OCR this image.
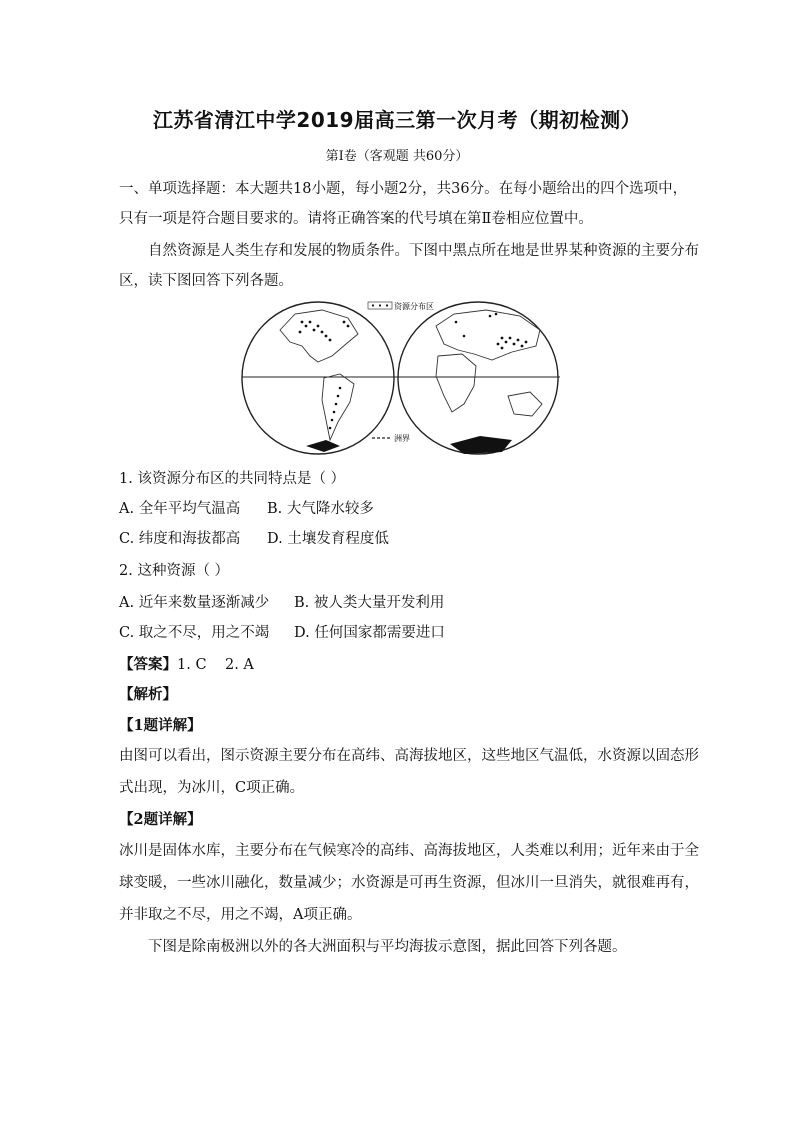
江苏省清江中学2019届高三第一次月考（期初检测）
第I卷（客观题 共60分）
一、单项选择题：本大题共18小题，每小题2分，共36分。在每小题给出的四个选项中，
只有一项是符合题目要求的。请将正确答案的代号填在第Ⅱ卷相应位置中。
自然资源是人类生存和发展的物质条件。下图中黑点所在地是世界某种资源的主要分布
区，读下图回答下列各题。
资源分布区
洲界
1. 该资源分布区的共同特点是（ ）
A. 全年平均气温高 B. 大气降水较多
C. 纬度和海拔都高 D. 土壤发育程度低
2. 这种资源（ ）
A. 近年来数量逐渐减少 B. 被人类大量开发利用
C. 取之不尽，用之不竭 D. 任何国家都需要进口
【答案】1. C    2. A
【解析】
【1题详解】
由图可以看出，图示资源主要分布在高纬、高海拔地区，这些地区气温低，水资源以固态形
式出现，为冰川，C项正确。
【2题详解】
冰川是固体水库，主要分布在气候寒冷的高纬、高海拔地区，人类难以利用；近年来由于全
球变暖，一些冰川融化，数量减少；水资源是可再生资源，但冰川一旦消失，就很难再有，
并非取之不尽，用之不竭，A项正确。
下图是除南极洲以外的各大洲面积与平均海拔示意图，据此回答下列各题。
